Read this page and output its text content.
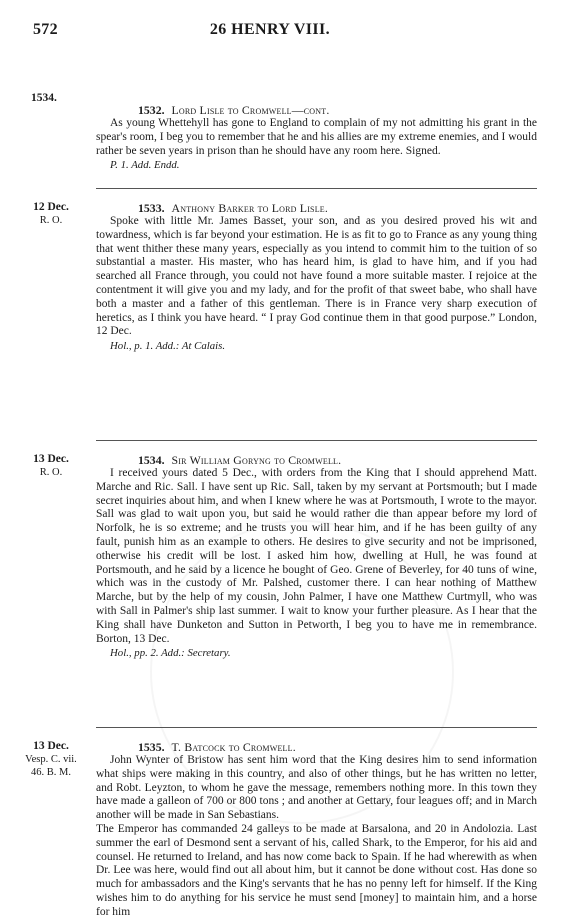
572	26 HENRY VIII.
1534.
1532. Lord Lisle to Cromwell—cont.
As young Whettehyll has gone to England to complain of my not admitting his grant in the spear's room, I beg you to remember that he and his allies are my extreme enemies, and I would rather be seven years in prison than he should have any room here. Signed.
P. 1. Add. Endd.
12 Dec.
R. O.
1533. Anthony Barker to Lord Lisle.
Spoke with little Mr. James Basset, your son, and as you desired proved his wit and towardness, which is far beyond your estimation. He is as fit to go to France as any young thing that went thither these many years, especially as you intend to commit him to the tuition of so substantial a master. His master, who has heard him, is glad to have him, and if you had searched all France through, you could not have found a more suitable master. I rejoice at the contentment it will give you and my lady, and for the profit of that sweet babe, who shall have both a master and a father of this gentleman. There is in France very sharp execution of heretics, as I think you have heard. “ I pray God continue them in that good purpose.” London, 12 Dec.
Hol., p. 1. Add.: At Calais.
13 Dec.
R. O.
1534. Sir William Goryng to Cromwell.
I received yours dated 5 Dec., with orders from the King that I should apprehend Matt. Marche and Ric. Sall. I have sent up Ric. Sall, taken by my servant at Portsmouth; but I made secret inquiries about him, and when I knew where he was at Portsmouth, I wrote to the mayor. Sall was glad to wait upon you, but said he would rather die than appear before my lord of Norfolk, he is so extreme; and he trusts you will hear him, and if he has been guilty of any fault, punish him as an example to others. He desires to give security and not be imprisoned, otherwise his credit will be lost. I asked him how, dwelling at Hull, he was found at Portsmouth, and he said by a licence he bought of Geo. Grene of Beverley, for 40 tuns of wine, which was in the custody of Mr. Palshed, customer there. I can hear nothing of Matthew Marche, but by the help of my cousin, John Palmer, I have one Matthew Curtmyll, who was with Sall in Palmer's ship last summer. I wait to know your further pleasure. As I hear that the King shall have Dunketon and Sutton in Petworth, I beg you to have me in remembrance. Borton, 13 Dec.
Hol., pp. 2. Add.: Secretary.
13 Dec.
Vesp. C. vii. 46. B. M.
1535. T. Batcock to Cromwell.
John Wynter of Bristow has sent him word that the King desires him to send information what ships were making in this country, and also of other things, but he has written no letter, and Robt. Leyzton, to whom he gave the message, remembers nothing more. In this town they have made a galleon of 700 or 800 tons ; and another at Gettary, four leagues off; and in March another will be made in San Sebastians.
The Emperor has commanded 24 galleys to be made at Barsalona, and 20 in Andolozia. Last summer the earl of Desmond sent a servant of his, called Shark, to the Emperor, for his aid and counsel. He returned to Ireland, and has now come back to Spain. If he had wherewith as when Dr. Lee was here, would find out all about him, but it cannot be done without cost. Has done so much for ambassadors and the King's servants that he has no penny left for himself. If the King wishes him to do anything for his service he must send [money] to maintain him, and a horse for him
